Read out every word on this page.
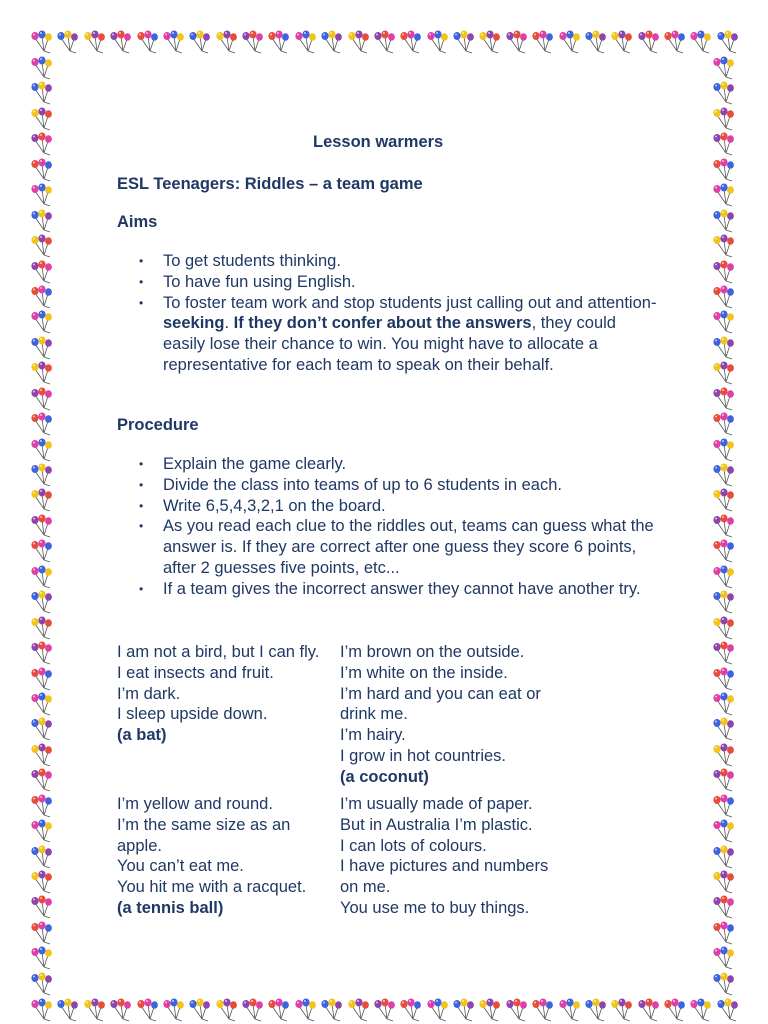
Lesson warmers
ESL Teenagers: Riddles – a team game
Aims
• To get students thinking.
• To have fun using English.
• To foster team work and stop students just calling out and attention-seeking. If they don’t confer about the answers, they could easily lose their chance to win. You might have to allocate a representative for each team to speak on their behalf.
Procedure
• Explain the game clearly.
• Divide the class into teams of up to 6 students in each.
• Write 6,5,4,3,2,1 on the board.
• As you read each clue to the riddles out, teams can guess what the answer is. If they are correct after one guess they score 6 points, after 2 guesses five points, etc...
• If a team gives the incorrect answer they cannot have another try.
I am not a bird, but I can fly.
I eat insects and fruit.
I’m dark.
I sleep upside down.
(a bat)
I’m brown on the outside.
I’m white on the inside.
I’m hard and you can eat or drink me.
I’m hairy.
I grow in hot countries.
(a coconut)
I’m yellow and round.
I’m the same size as an apple.
You can’t eat me.
You hit me with a racquet.
(a tennis ball)
I’m usually made of paper.
But in Australia I’m plastic.
I can lots of colours.
I have pictures and numbers on me.
You use me to buy things.
